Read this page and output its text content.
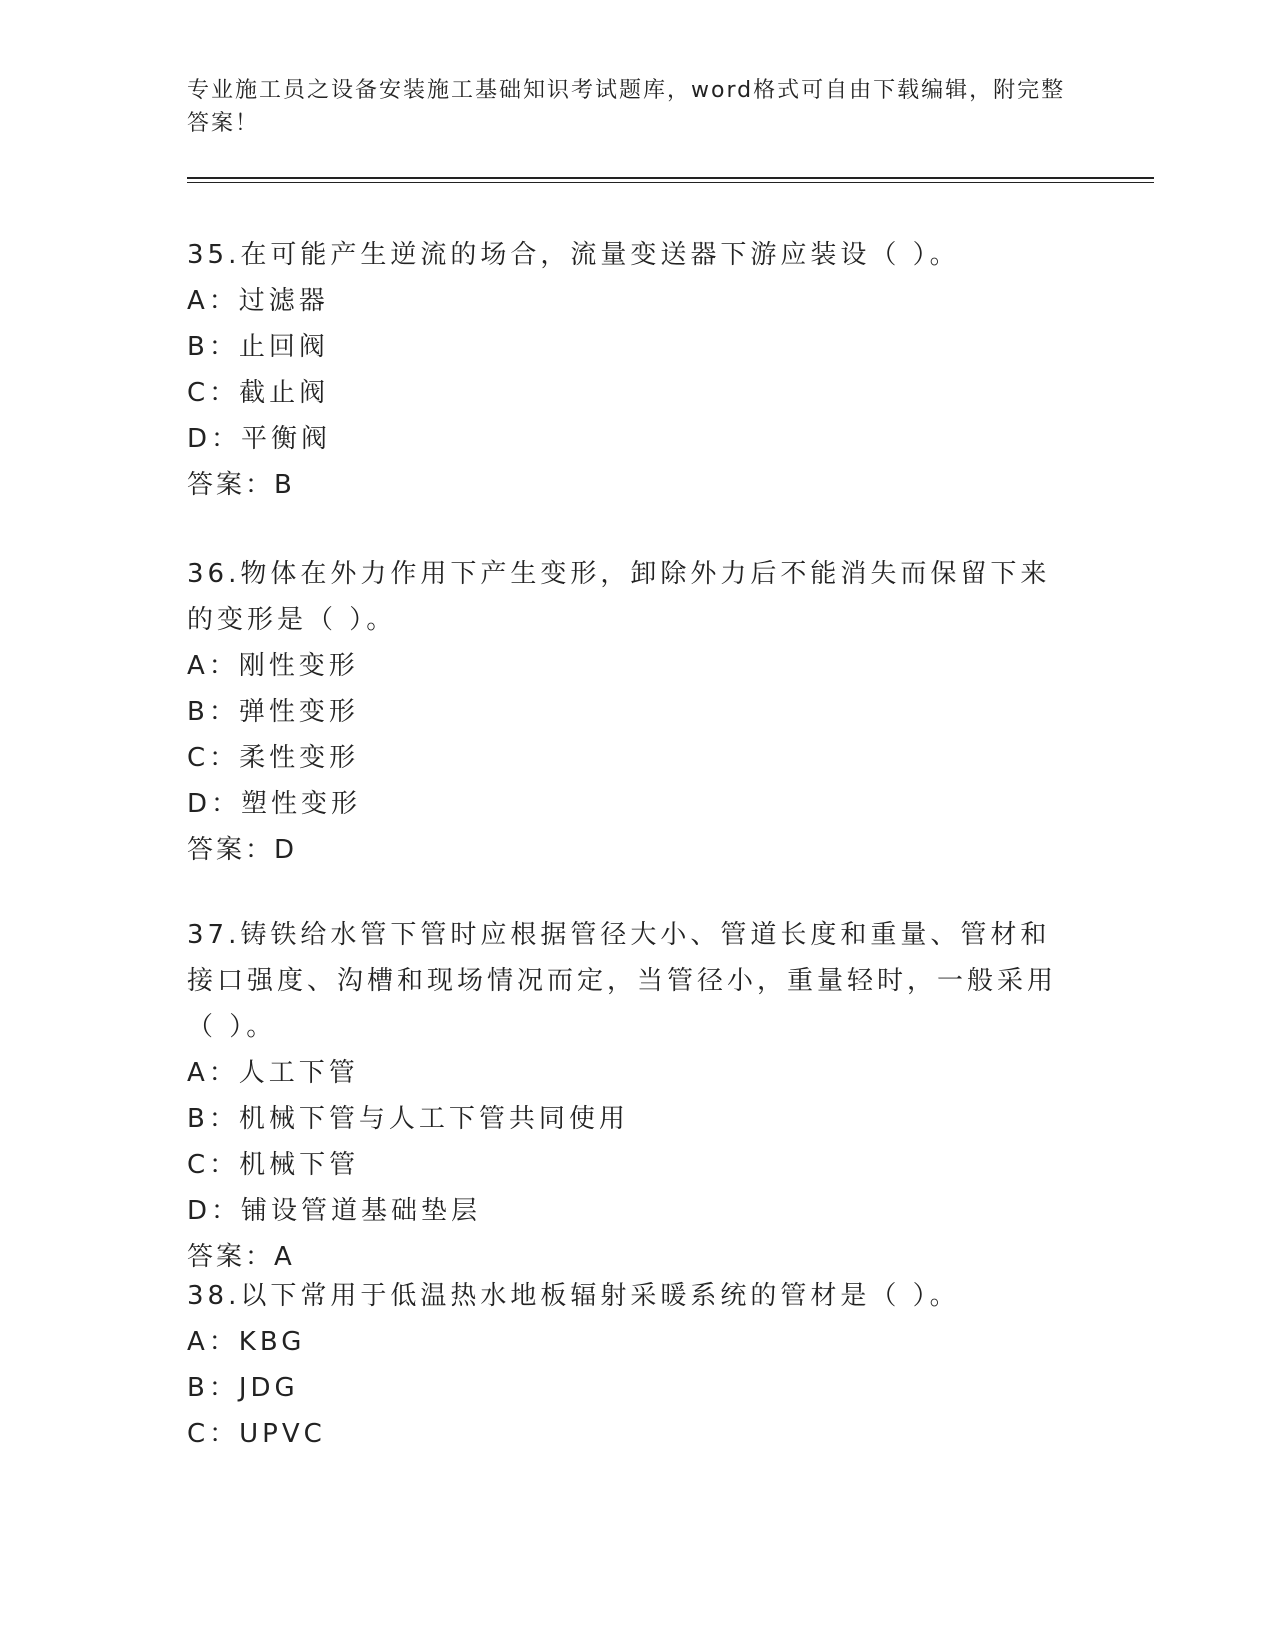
专业施工员之设备安装施工基础知识考试题库，word格式可自由下载编辑，附完整答案！
35.在可能产生逆流的场合，流量变送器下游应装设（ ）。
A：过滤器
B：止回阀
C：截止阀
D：平衡阀
答案：B
36.物体在外力作用下产生变形，卸除外力后不能消失而保留下来的变形是（ ）。
A：刚性变形
B：弹性变形
C：柔性变形
D：塑性变形
答案：D
37.铸铁给水管下管时应根据管径大小、管道长度和重量、管材和接口强度、沟槽和现场情况而定，当管径小，重量轻时，一般采用（ ）。
A：人工下管
B：机械下管与人工下管共同使用
C：机械下管
D：铺设管道基础垫层
答案：A
38.以下常用于低温热水地板辐射采暖系统的管材是（ ）。
A：KBG
B：JDG
C：UPVC
